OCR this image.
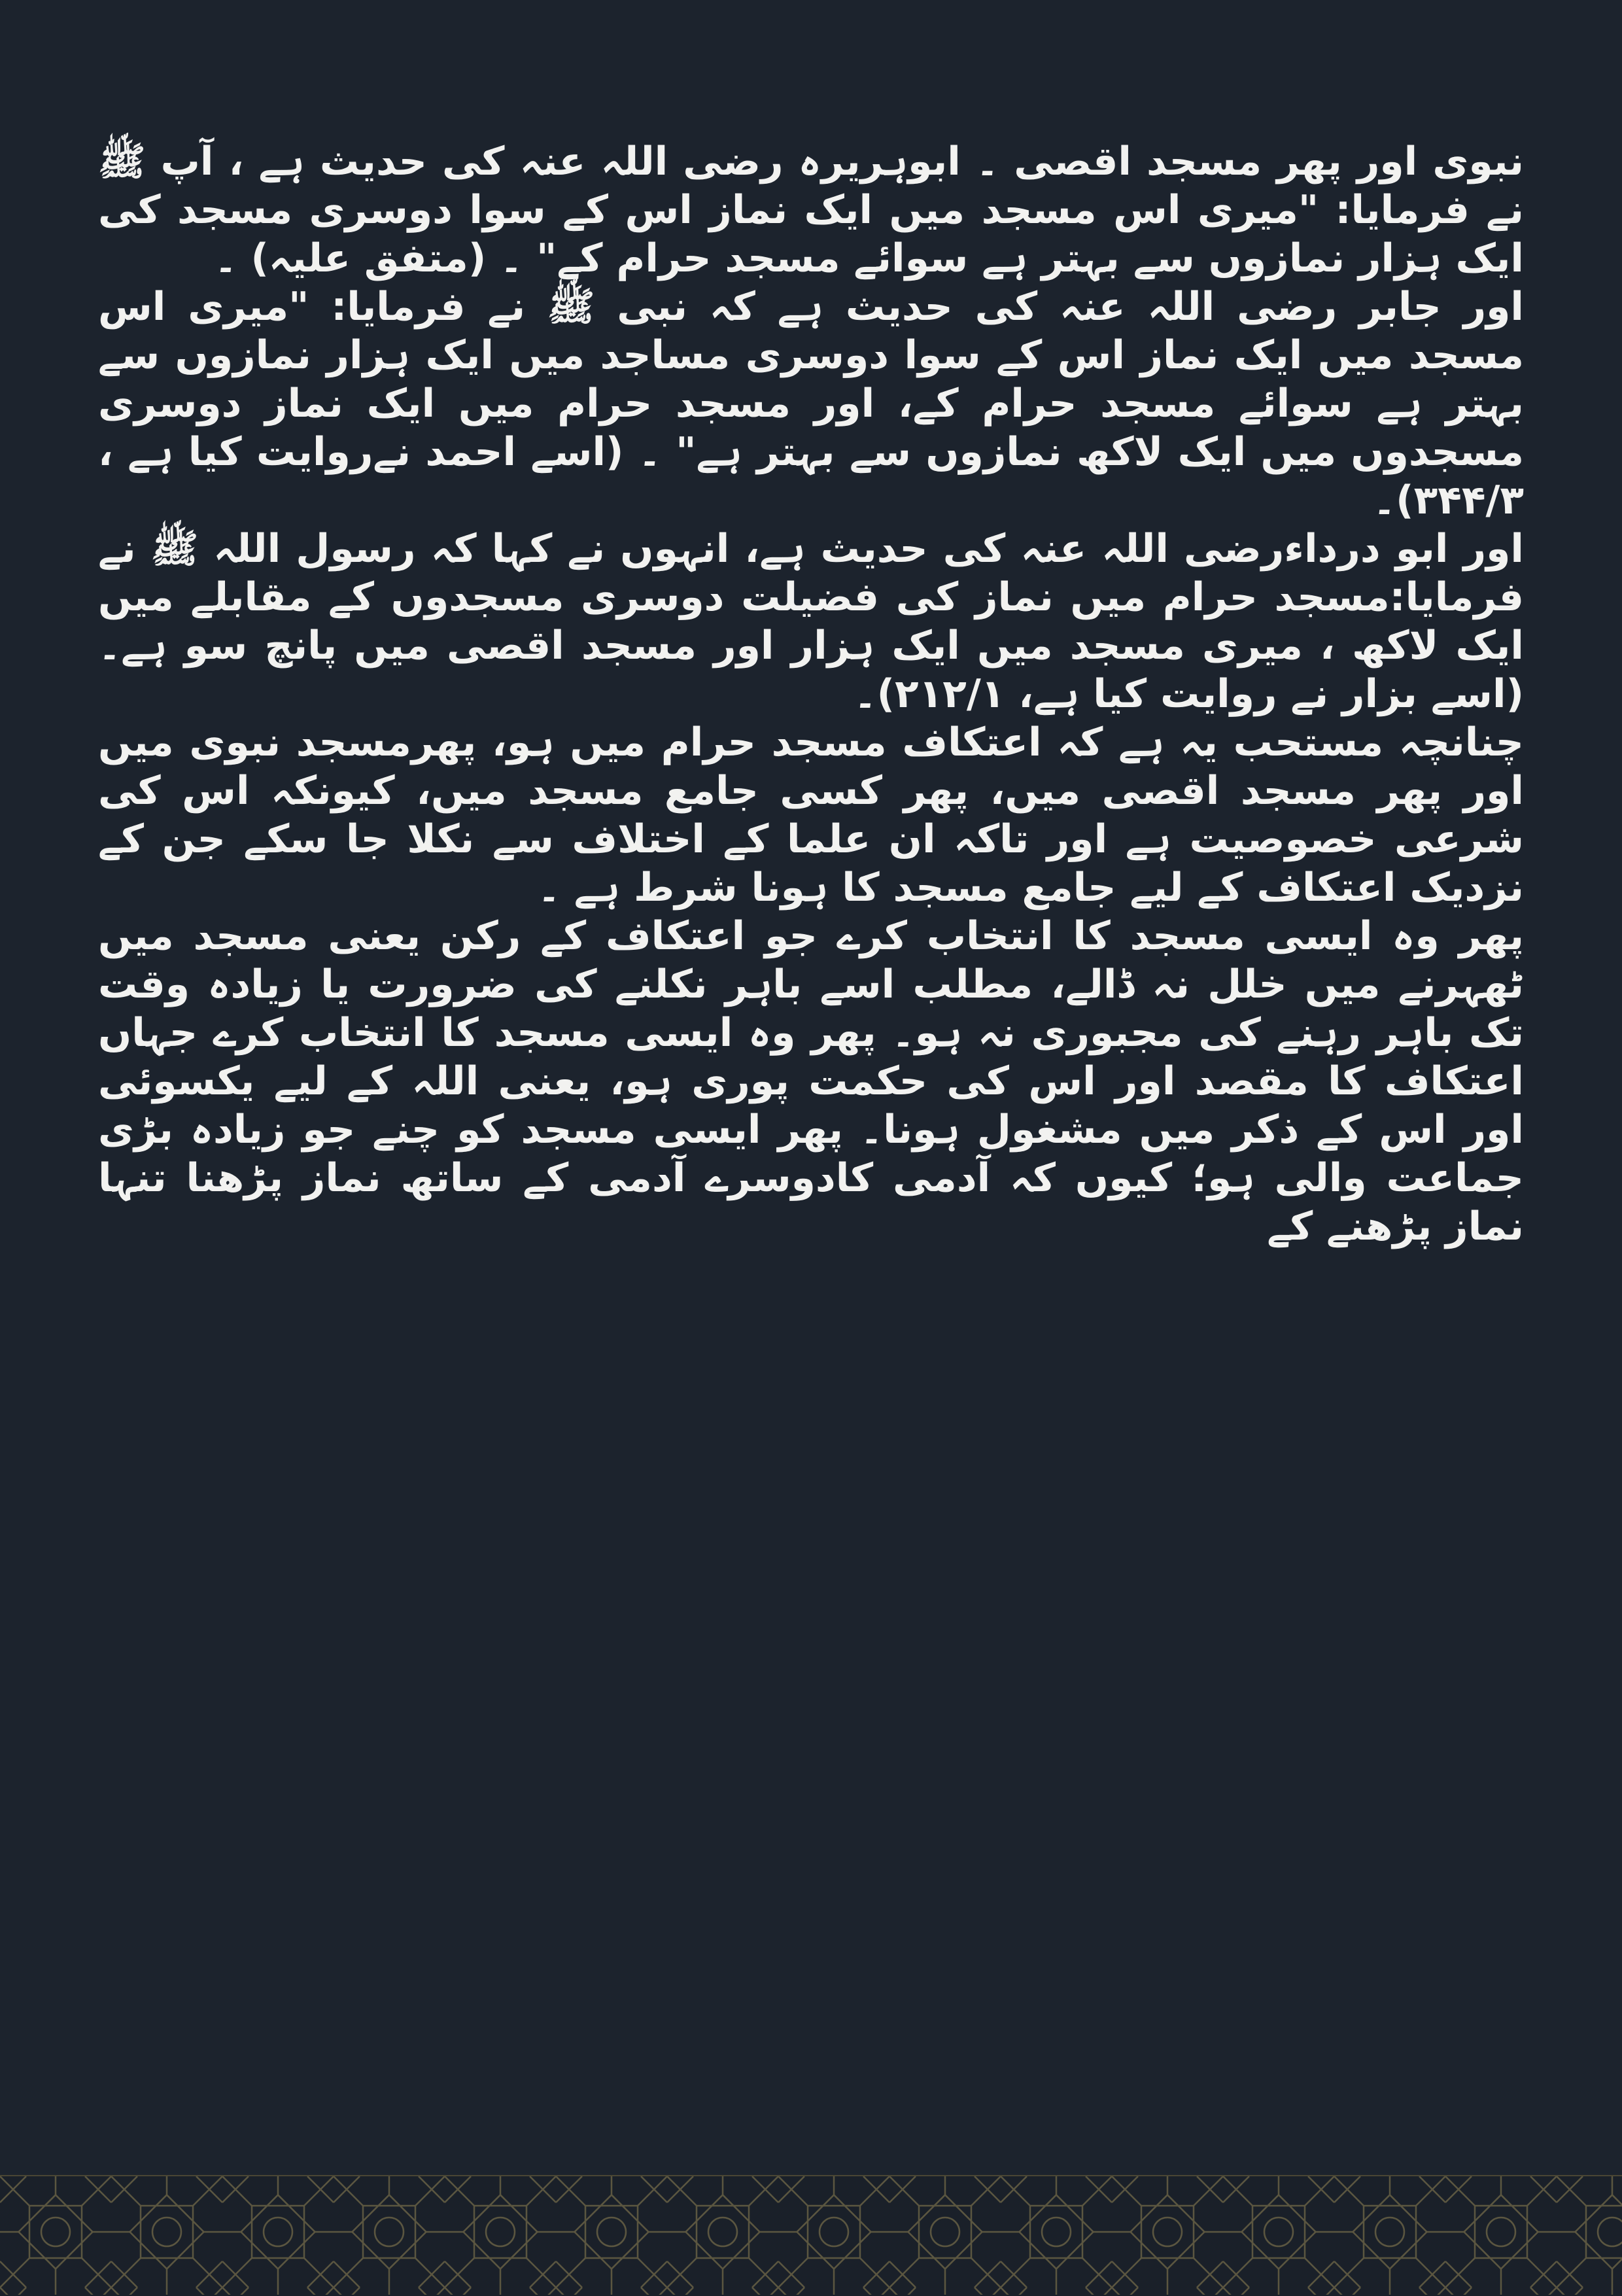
نبوی اور پھر مسجد اقصی ۔ ابوہریرہ رضی اللہ عنہ کی حدیث ہے ، آپ ﷺ نے فرمایا: "میری اس مسجد میں ایک نماز اس کے سوا دوسری مسجد کی ایک ہزار نمازوں سے بہتر ہے سوائے مسجد حرام کے" ۔ (متفق علیہ) ۔

اور جابر رضی اللہ عنہ کی حدیث ہے کہ نبی ﷺ نے فرمایا: "میری اس مسجد میں ایک نماز اس کے سوا دوسری مساجد میں ایک ہزار نمازوں سے بہتر ہے سوائے مسجد حرام کے، اور مسجد حرام میں ایک نماز دوسری مسجدوں میں ایک لاکھ نمازوں سے بہتر ہے" ۔ (اسے احمد نےروایت کیا ہے ، ۳۴۴/۳)۔

اور ابو درداءرضی اللہ عنہ کی حدیث ہے، انہوں نے کہا کہ رسول اللہ ﷺ نے فرمایا:مسجد حرام میں نماز کی فضیلت دوسری مسجدوں کے مقابلے میں ایک لاکھ ، میری مسجد میں ایک ہزار اور مسجد اقصی میں پانچ سو ہے۔ (اسے بزار نے روایت کیا ہے، ۲۱۲/۱)۔

چنانچہ مستحب یہ ہے کہ اعتکاف مسجد حرام میں ہو، پھرمسجد نبوی میں اور پھر مسجد اقصی میں، پھر کسی جامع مسجد میں، کیونکہ اس کی شرعی خصوصیت ہے اور تاکہ ان علما کے اختلاف سے نکلا جا سکے جن کے نزدیک اعتکاف کے لیے جامع مسجد کا ہونا شرط ہے ۔

پھر وہ ایسی مسجد کا انتخاب کرے جو اعتکاف کے رکن یعنی مسجد میں ٹھہرنے میں خلل نہ ڈالے، مطلب اسے باہر نکلنے کی ضرورت یا زیادہ وقت تک باہر رہنے کی مجبوری نہ ہو۔ پھر وہ ایسی مسجد کا انتخاب کرے جہاں اعتکاف کا مقصد اور اس کی حکمت پوری ہو، یعنی اللہ کے لیے یکسوئی اور اس کے ذکر میں مشغول ہونا۔ پھر ایسی مسجد کو چنے جو زیادہ بڑی جماعت والی ہو؛ کیوں کہ آدمی کادوسرے آدمی کے ساتھ نماز پڑھنا تنہا نماز پڑھنے کے
